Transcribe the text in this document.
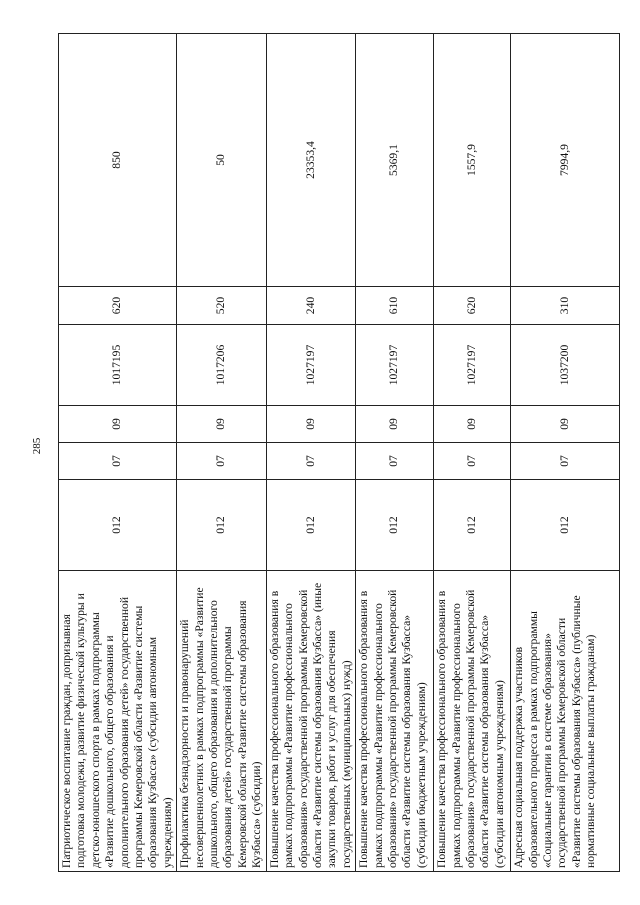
285
Патриотическое воспитание граждан, допризывная подготовка молодежи, развитие физической культуры и детско-юношеского спорта в рамках подпрограммы «Развитие дошкольного, общего образования и дополнительного образования детей» государственной программы Кемеровской области «Развитие системы образования Кузбасса» (субсидии автономным учреждениям)	012	07	09	1017195	620	850
Профилактика безнадзорности и правонарушений несовершеннолетних в рамках подпрограммы «Развитие дошкольного, общего образования и дополнительного образования детей» государственной программы Кемеровской области «Развитие системы образования Кузбасса» (субсидии)	012	07	09	1017206	520	50
Повышение качества профессионального образования в рамках подпрограммы «Развитие профессионального образования» государственной программы Кемеровской области «Развитие системы образования Кузбасса» (иные закупки товаров, работ и услуг для обеспечения государственных (муниципальных) нужд)	012	07	09	1027197	240	23353,4
Повышение качества профессионального образования в рамках подпрограммы «Развитие профессионального образования» государственной программы Кемеровской области «Развитие системы образования Кузбасса» (субсидии бюджетным учреждениям)	012	07	09	1027197	610	5369,1
Повышение качества профессионального образования в рамках подпрограммы «Развитие профессионального образования» государственной программы Кемеровской области «Развитие системы образования Кузбасса» (субсидии автономным учреждениям)	012	07	09	1027197	620	1557,9
Адресная социальная поддержка участников образовательного процесса в рамках подпрограммы «Социальные гарантии в системе образования» государственной программы Кемеровской области «Развитие системы образования Кузбасса» (публичные нормативные социальные выплаты гражданам)	012	07	09	1037200	310	7994,9
